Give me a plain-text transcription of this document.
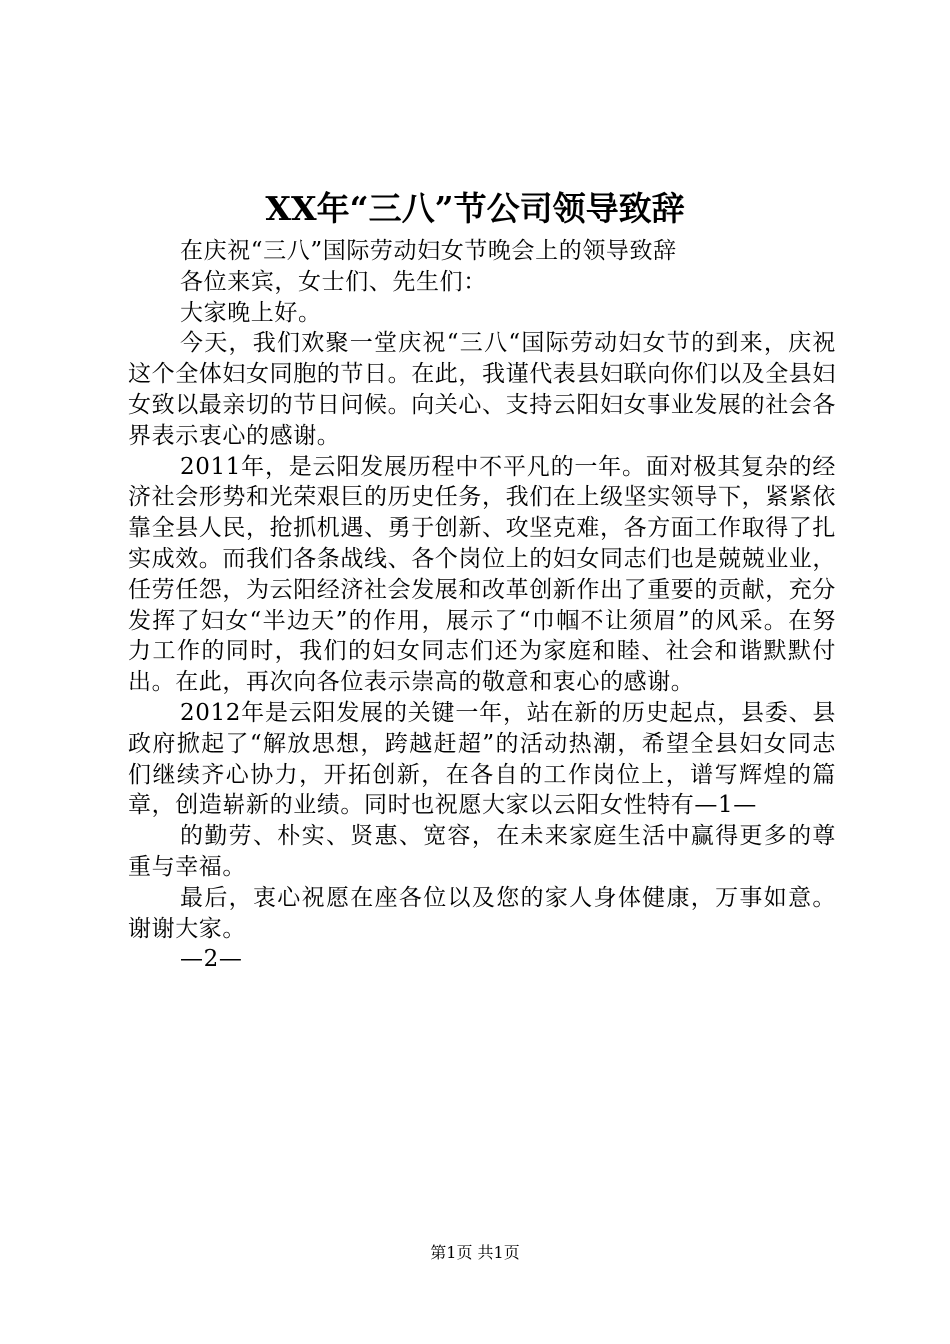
XX年“三八”节公司领导致辞

在庆祝“三八”国际劳动妇女节晚会上的领导致辞

各位来宾，女士们、先生们：

大家晚上好。

今天，我们欢聚一堂庆祝“三八“国际劳动妇女节的到来，庆祝这个全体妇女同胞的节日。在此，我谨代表县妇联向你们以及全县妇女致以最亲切的节日问候。向关心、支持云阳妇女事业发展的社会各界表示衷心的感谢。

2011年，是云阳发展历程中不平凡的一年。面对极其复杂的经济社会形势和光荣艰巨的历史任务，我们在上级坚实领导下，紧紧依靠全县人民，抢抓机遇、勇于创新、攻坚克难，各方面工作取得了扎实成效。而我们各条战线、各个岗位上的妇女同志们也是兢兢业业，任劳任怨，为云阳经济社会发展和改革创新作出了重要的贡献，充分发挥了妇女“半边天”的作用，展示了“巾帼不让须眉”的风采。在努力工作的同时，我们的妇女同志们还为家庭和睦、社会和谐默默付出。在此，再次向各位表示崇高的敬意和衷心的感谢。

2012年是云阳发展的关键一年，站在新的历史起点，县委、县政府掀起了“解放思想，跨越赶超”的活动热潮，希望全县妇女同志们继续齐心协力，开拓创新，在各自的工作岗位上，谱写辉煌的篇章，创造崭新的业绩。同时也祝愿大家以云阳女性特有—1—

的勤劳、朴实、贤惠、宽容，在未来家庭生活中赢得更多的尊重与幸福。

最后，衷心祝愿在座各位以及您的家人身体健康，万事如意。谢谢大家。

—2—

第1页 共1页
